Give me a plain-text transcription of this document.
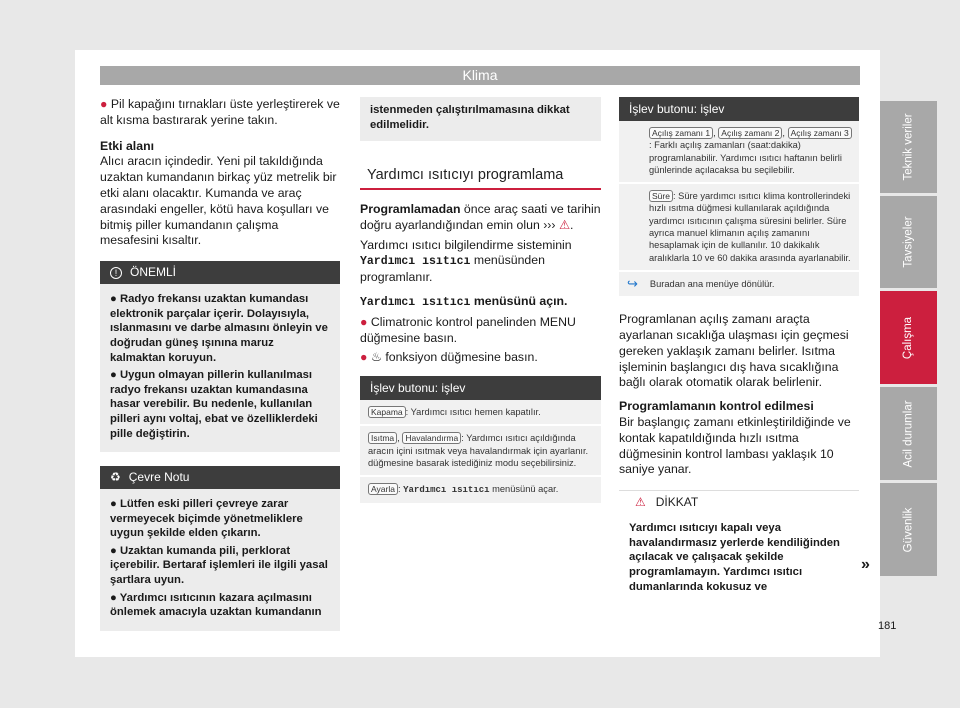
Klima

● Pil kapağını tırnakları üste yerleştirerek ve alt kısma bastırarak yerine takın.

Etki alanı

Alıcı aracın içindedir. Yeni pil takıldığında uzaktan kumandanın birkaç yüz metrelik bir etki alanı olacaktır. Kumanda ve araç arasındaki engeller, kötü hava koşulları ve bitmiş piller kumandanın çalışma mesafesini kısaltır.

! ÖNEMLİ
● Radyo frekansı uzaktan kumandası elektronik parçalar içerir. Dolayısıyla, ıslanmasını ve darbe almasını önleyin ve doğrudan güneş ışınına maruz kalmaktan koruyun.
● Uygun olmayan pillerin kullanılması radyo frekansı uzaktan kumandasına hasar verebilir. Bu nedenle, kullanılan pilleri aynı voltaj, ebat ve özelliklerdeki pille değiştirin.
♻ Çevre Notu
● Lütfen eski pilleri çevreye zarar vermeyecek biçimde yönetmeliklere uygun şekilde elden çıkarın.
● Uzaktan kumanda pili, perklorat içerebilir. Bertaraf işlemleri ile ilgili yasal şartlara uyun.
● Yardımcı ısıtıcının kazara açılmasını önlemek amacıyla uzaktan kumandanın
istenmeden çalıştırılmamasına dikkat edilmelidir.
Yardımcı ısıtıcıyı programlama

Programlamadan önce araç saati ve tarihin doğru ayarlandığından emin olun ››› ⚠.

Yardımcı ısıtıcı bilgilendirme sisteminin Yardımcı ısıtıcı menüsünden programlanır.

Yardımcı ısıtıcı menüsünü açın.

● Climatronic kontrol panelinden MENU düğmesine basın.

● ♨ fonksiyon düğmesine basın.

İşlev butonu: işlev
Kapama : Yardımcı ısıtıcı hemen kapatılır.
Isıtma , Havalandırma : Yardımcı ısıtıcı açıldığında aracın içini ısıtmak veya havalandırmak için ayarlanır. düğmesine basarak istediğiniz modu seçebilirsiniz.
Ayarla : Yardımcı ısıtıcı menüsünü açar.
İşlev butonu: işlev
Açılış zamanı 1 , Açılış zamanı 2 , Açılış zamanı 3: Farklı açılış zamanları (saat:dakika) programlanabilir. Yardımcı ısıtıcı haftanın belirli günlerinde açılacaksa bu seçilebilir.
Süre : Süre yardımcı ısıtıcı klima kontrollerindeki hızlı ısıtma düğmesi kullanılarak açıldığında yardımcı ısıtıcının çalışma süresini belirler. Süre ayrıca manuel klimanın açılış zamanını hesaplamak için de kullanılır. 10 dakikalık aralıklarla 10 ve 60 dakika arasında ayarlanabilir.
↪ Buradan ana menüye dönülür.

Programlanan açılış zamanı araçta ayarlanan sıcaklığa ulaşması için geçmesi gereken yaklaşık zamanı belirler. Isıtma işleminin başlangıcı dış hava sıcaklığına bağlı olarak otomatik olarak belirlenir.

Programlamanın kontrol edilmesi

Bir başlangıç zamanı etkinleştirildiğinde ve kontak kapatıldığında hızlı ısıtma düğmesinin kontrol lambası yaklaşık 10 saniye yanar.

⚠ DİKKAT
Yardımcı ısıtıcıyı kapalı veya havalandırmasız yerlerde kendiliğinden açılacak ve çalışacak şekilde programlamayın. Yardımcı ısıtıcı dumanlarında kokusuz ve
»
Teknik veriler
Tavsiyeler
Çalışma
Acil durumlar
Güvenlik
181
